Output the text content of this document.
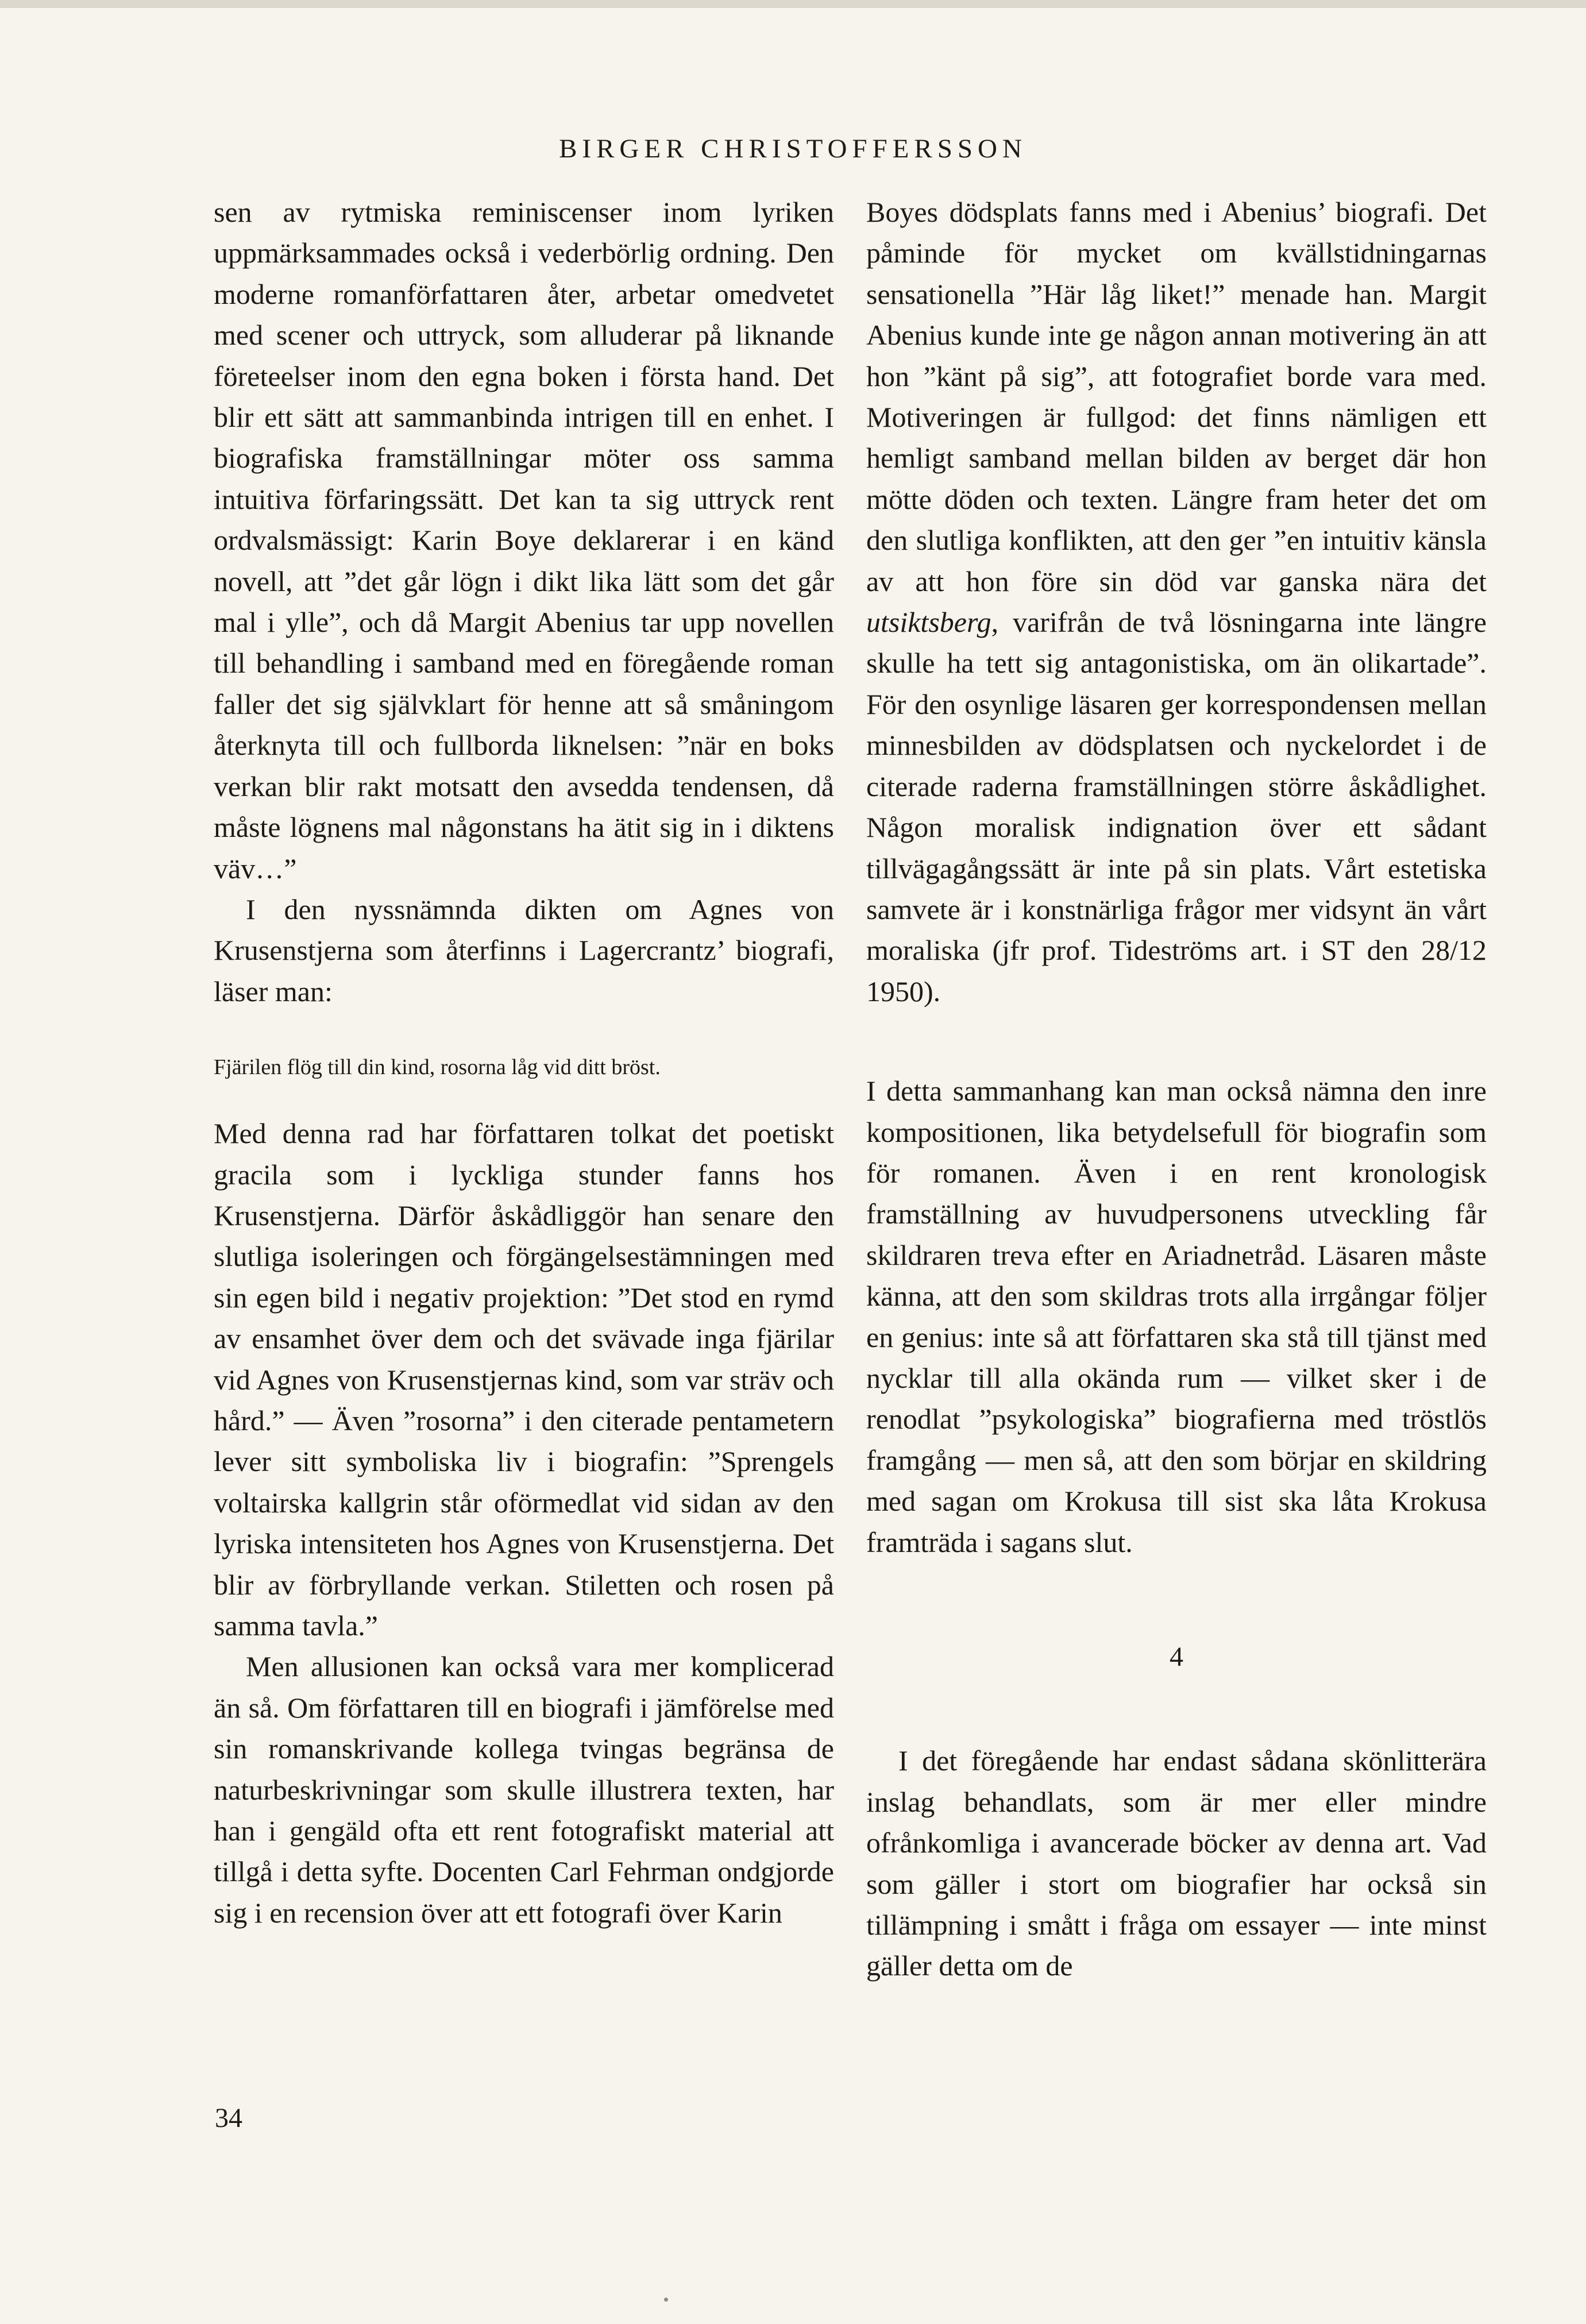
BIRGER CHRISTOFFERSSON

sen av rytmiska reminiscenser inom lyriken uppmärksammades också i vederbörlig ordning. Den moderne romanförfattaren åter, arbetar omedvetet med scener och uttryck, som alluderar på liknande företeelser inom den egna boken i första hand. Det blir ett sätt att sammanbinda intrigen till en enhet. I biografiska framställningar möter oss samma intuitiva förfaringssätt. Det kan ta sig uttryck rent ordvalsmässigt: Karin Boye deklarerar i en känd novell, att ”det går lögn i dikt lika lätt som det går mal i ylle”, och då Margit Abenius tar upp novellen till behandling i samband med en föregående roman faller det sig självklart för henne att så småningom återknyta till och fullborda liknelsen: ”när en boks verkan blir rakt motsatt den avsedda tendensen, då måste lögnens mal någonstans ha ätit sig in i diktens väv…”

I den nyssnämnda dikten om Agnes von Krusenstjerna som återfinns i Lagercrantz’ biografi, läser man:

Fjärilen flög till din kind, rosorna låg vid ditt bröst.

Med denna rad har författaren tolkat det poetiskt gracila som i lyckliga stunder fanns hos Krusenstjerna. Därför åskådliggör han senare den slutliga isoleringen och förgängelsestämningen med sin egen bild i negativ projektion: ”Det stod en rymd av ensamhet över dem och det svävade inga fjärilar vid Agnes von Krusenstjernas kind, som var sträv och hård.” — Även ”rosorna” i den citerade pentametern lever sitt symboliska liv i biografin: ”Sprengels voltairska kallgrin står oförmedlat vid sidan av den lyriska intensiteten hos Agnes von Krusenstjerna. Det blir av förbryllande verkan. Stiletten och rosen på samma tavla.”

Men allusionen kan också vara mer komplicerad än så. Om författaren till en biografi i jämförelse med sin romanskrivande kollega tvingas begränsa de naturbeskrivningar som skulle illustrera texten, har han i gengäld ofta ett rent fotografiskt material att tillgå i detta syfte. Docenten Carl Fehrman ondgjorde sig i en recension över att ett fotografi över Karin

Boyes dödsplats fanns med i Abenius’ biografi. Det påminde för mycket om kvällstidningarnas sensationella ”Här låg liket!” menade han. Margit Abenius kunde inte ge någon annan motivering än att hon ”känt på sig”, att fotografiet borde vara med. Motiveringen är fullgod: det finns nämligen ett hemligt samband mellan bilden av berget där hon mötte döden och texten. Längre fram heter det om den slutliga konflikten, att den ger ”en intuitiv känsla av att hon före sin död var ganska nära det utsiktsberg, varifrån de två lösningarna inte längre skulle ha tett sig antagonistiska, om än olikartade”. För den osynlige läsaren ger korrespondensen mellan minnesbilden av dödsplatsen och nyckelordet i de citerade raderna framställningen större åskådlighet. Någon moralisk indignation över ett sådant tillvägagångssätt är inte på sin plats. Vårt estetiska samvete är i konstnärliga frågor mer vidsynt än vårt moraliska (jfr prof. Tideströms art. i ST den 28/12 1950).

I detta sammanhang kan man också nämna den inre kompositionen, lika betydelsefull för biografin som för romanen. Även i en rent kronologisk framställning av huvudpersonens utveckling får skildraren treva efter en Ariadnetråd. Läsaren måste känna, att den som skildras trots alla irrgångar följer en genius: inte så att författaren ska stå till tjänst med nycklar till alla okända rum — vilket sker i de renodlat ”psykologiska” biografierna med tröstlös framgång — men så, att den som börjar en skildring med sagan om Krokusa till sist ska låta Krokusa framträda i sagans slut.

4

I det föregående har endast sådana skönlitterära inslag behandlats, som är mer eller mindre ofrånkomliga i avancerade böcker av denna art. Vad som gäller i stort om biografier har också sin tillämpning i smått i fråga om essayer — inte minst gäller detta om de

34
